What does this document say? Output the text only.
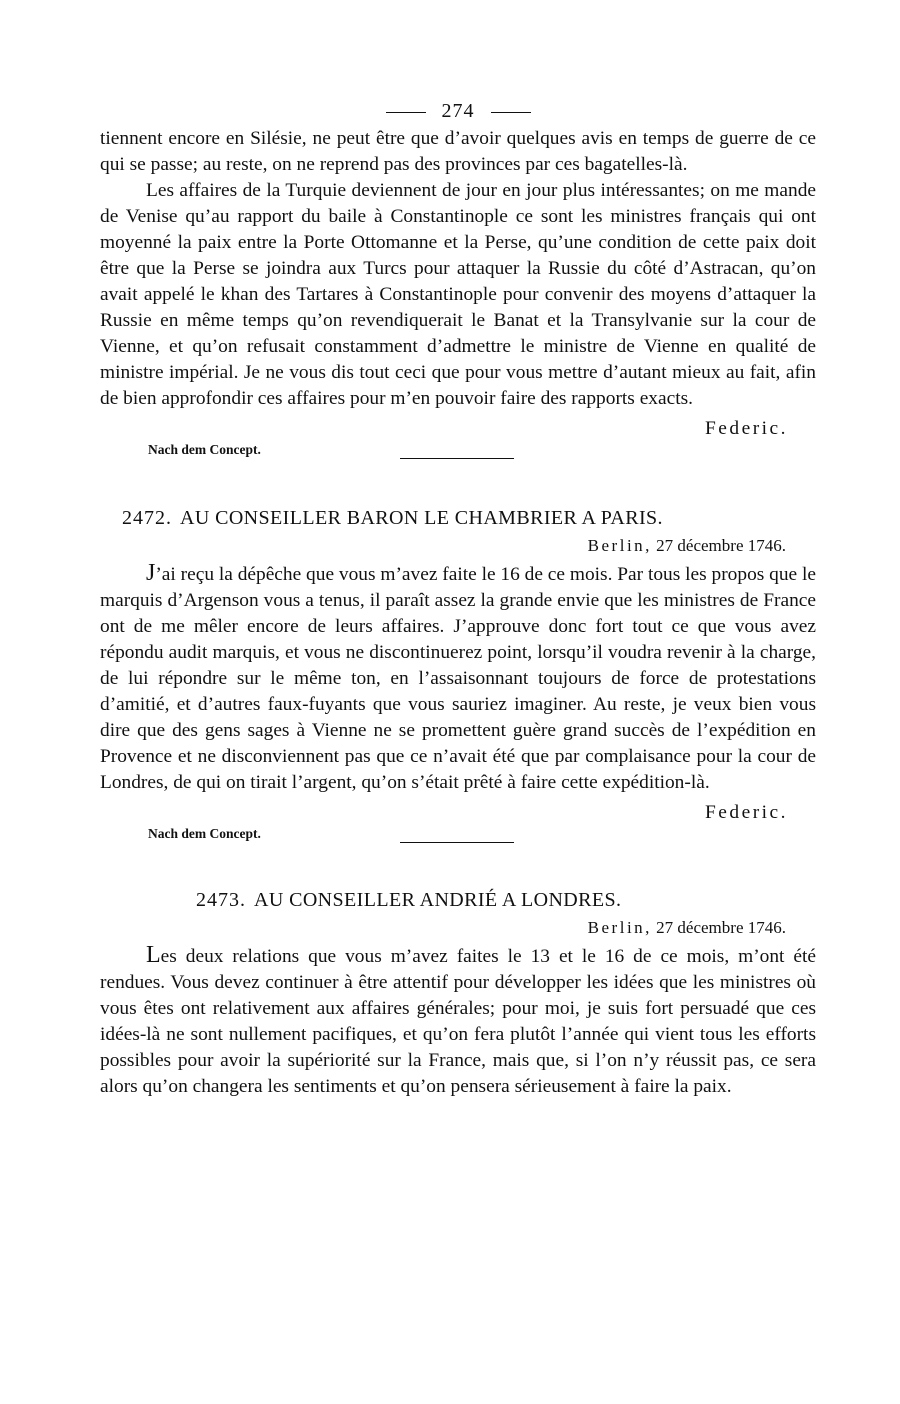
274

tiennent encore en Silésie, ne peut être que d’avoir quelques avis en temps de guerre de ce qui se passe; au reste, on ne reprend pas des provinces par ces bagatelles-là.

Les affaires de la Turquie deviennent de jour en jour plus intéressantes; on me mande de Venise qu’au rapport du baile à Constantinople ce sont les ministres français qui ont moyenné la paix entre la Porte Ottomanne et la Perse, qu’une condition de cette paix doit être que la Perse se joindra aux Turcs pour attaquer la Russie du côté d’Astracan, qu’on avait appelé le khan des Tartares à Constantinople pour convenir des moyens d’attaquer la Russie en même temps qu’on revendiquerait le Banat et la Transylvanie sur la cour de Vienne, et qu’on refusait constamment d’admettre le ministre de Vienne en qualité de ministre impérial. Je ne vous dis tout ceci que pour vous mettre d’autant mieux au fait, afin de bien approfondir ces affaires pour m’en pouvoir faire des rapports exacts.

Federic.
Nach dem Concept.
2472. AU CONSEILLER BARON LE CHAMBRIER A PARIS.
Berlin, 27 décembre 1746.

J’ai reçu la dépêche que vous m’avez faite le 16 de ce mois. Par tous les propos que le marquis d’Argenson vous a tenus, il paraît assez la grande envie que les ministres de France ont de me mêler encore de leurs affaires. J’approuve donc fort tout ce que vous avez répondu audit marquis, et vous ne discontinuerez point, lorsqu’il voudra revenir à la charge, de lui répondre sur le même ton, en l’assaisonnant toujours de force de protestations d’amitié, et d’autres faux-fuyants que vous sauriez imaginer. Au reste, je veux bien vous dire que des gens sages à Vienne ne se promettent guère grand succès de l’expédition en Provence et ne disconviennent pas que ce n’avait été que par complaisance pour la cour de Londres, de qui on tirait l’argent, qu’on s’était prêté à faire cette expédition-là.

Federic.
Nach dem Concept.
2473. AU CONSEILLER ANDRIÉ A LONDRES.
Berlin, 27 décembre 1746.

Les deux relations que vous m’avez faites le 13 et le 16 de ce mois, m’ont été rendues. Vous devez continuer à être attentif pour développer les idées que les ministres où vous êtes ont relativement aux affaires générales; pour moi, je suis fort persuadé que ces idées-là ne sont nullement pacifiques, et qu’on fera plutôt l’année qui vient tous les efforts possibles pour avoir la supériorité sur la France, mais que, si l’on n’y réussit pas, ce sera alors qu’on changera les sentiments et qu’on pensera sérieusement à faire la paix.
